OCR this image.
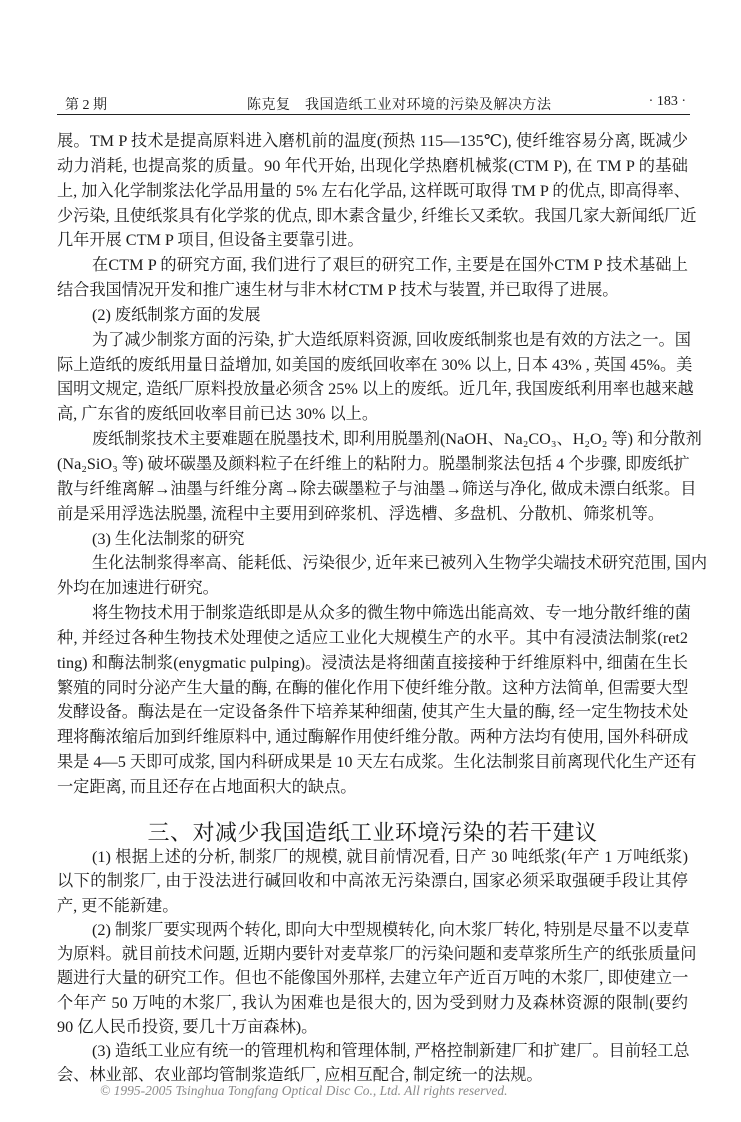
第 2 期	陈克复　我国造纸工业对环境的污染及解决方法	· 183 ·
展。TM P 技术是提高原料进入磨机前的温度(预热 115—135℃), 使纤维容易分离, 既减少
动力消耗, 也提高浆的质量。90 年代开始, 出现化学热磨机械浆(CTM P), 在 TM P 的基础
上, 加入化学制浆法化学品用量的 5% 左右化学品, 这样既可取得 TM P 的优点, 即高得率、
少污染, 且使纸浆具有化学浆的优点, 即木素含量少, 纤维长又柔软。我国几家大新闻纸厂近
几年开展 CTM P 项目, 但设备主要靠引进。
在CTM P 的研究方面, 我们进行了艰巨的研究工作, 主要是在国外CTM P 技术基础上
结合我国情况开发和推广速生材与非木材CTM P 技术与装置, 并已取得了进展。
(2) 废纸制浆方面的发展
为了减少制浆方面的污染, 扩大造纸原料资源, 回收废纸制浆也是有效的方法之一。国
际上造纸的废纸用量日益增加, 如美国的废纸回收率在 30% 以上, 日本 43% , 英国 45%。美
国明文规定, 造纸厂原料投放量必须含 25% 以上的废纸。近几年, 我国废纸利用率也越来越
高, 广东省的废纸回收率目前已达 30% 以上。
废纸制浆技术主要难题在脱墨技术, 即利用脱墨剂(NaOH、Na₂CO₃、H₂O₂ 等) 和分散剂
(Na₂SiO₃ 等) 破坏碳墨及颜料粒子在纤维上的粘附力。脱墨制浆法包括 4 个步骤, 即废纸扩
散与纤维离解→油墨与纤维分离→除去碳墨粒子与油墨→筛送与净化, 做成未漂白纸浆。目
前是采用浮选法脱墨, 流程中主要用到碎浆机、浮选槽、多盘机、分散机、筛浆机等。
(3) 生化法制浆的研究
生化法制浆得率高、能耗低、污染很少, 近年来已被列入生物学尖端技术研究范围, 国内
外均在加速进行研究。
将生物技术用于制浆造纸即是从众多的微生物中筛选出能高效、专一地分散纤维的菌
种, 并经过各种生物技术处理使之适应工业化大规模生产的水平。其中有浸渍法制浆(ret2
ting) 和酶法制浆(enygmatic pulping)。浸渍法是将细菌直接接种于纤维原料中, 细菌在生长
繁殖的同时分泌产生大量的酶, 在酶的催化作用下使纤维分散。这种方法简单, 但需要大型
发酵设备。酶法是在一定设备条件下培养某种细菌, 使其产生大量的酶, 经一定生物技术处
理将酶浓缩后加到纤维原料中, 通过酶解作用使纤维分散。两种方法均有使用, 国外科研成
果是 4—5 天即可成浆, 国内科研成果是 10 天左右成浆。生化法制浆目前离现代化生产还有
一定距离, 而且还存在占地面积大的缺点。
三、对减少我国造纸工业环境污染的若干建议
(1) 根据上述的分析, 制浆厂的规模, 就目前情况看, 日产 30 吨纸浆(年产 1 万吨纸浆)
以下的制浆厂, 由于没法进行碱回收和中高浓无污染漂白, 国家必须采取强硬手段让其停
产, 更不能新建。
(2) 制浆厂要实现两个转化, 即向大中型规模转化, 向木浆厂转化, 特别是尽量不以麦草
为原料。就目前技术问题, 近期内要针对麦草浆厂的污染问题和麦草浆所生产的纸张质量问
题进行大量的研究工作。但也不能像国外那样, 去建立年产近百万吨的木浆厂, 即使建立一
个年产 50 万吨的木浆厂, 我认为困难也是很大的, 因为受到财力及森林资源的限制(要约
90 亿人民币投资, 要几十万亩森林)。
(3) 造纸工业应有统一的管理机构和管理体制, 严格控制新建厂和扩建厂。目前轻工总
会、林业部、农业部均管制浆造纸厂, 应相互配合, 制定统一的法规。
© 1995-2005 Tsinghua Tongfang Optical Disc Co., Ltd. All rights reserved.
